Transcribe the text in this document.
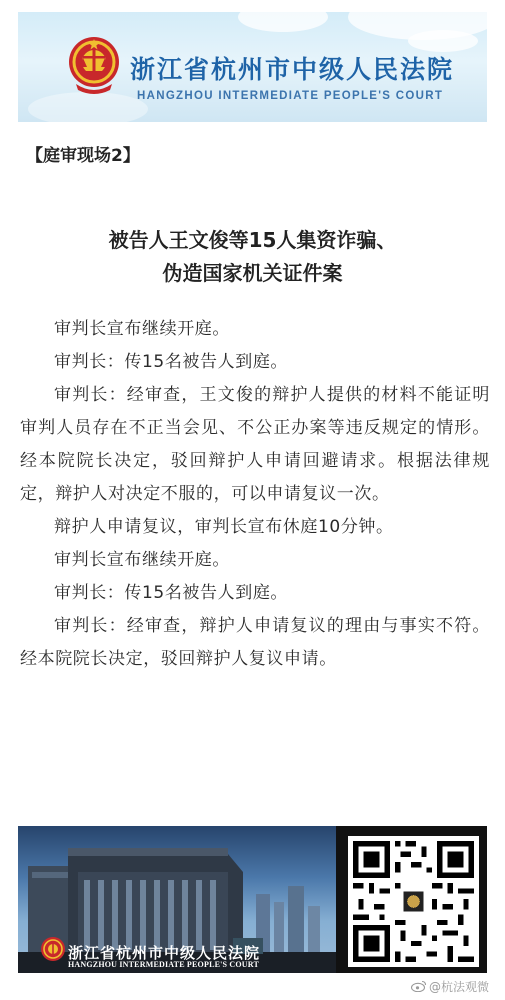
浙江省杭州市中级人民法院
HANGZHOU INTERMEDIATE PEOPLE'S COURT
【庭审现场2】
被告人王文俊等15人集资诈骗、
伪造国家机关证件案

审判长宣布继续开庭。

审判长：传15名被告人到庭。

审判长：经审查，王文俊的辩护人提供的材料不能证明审判人员存在不正当会见、不公正办案等违反规定的情形。经本院院长决定，驳回辩护人申请回避请求。根据法律规定，辩护人对决定不服的，可以申请复议一次。

辩护人申请复议，审判长宣布休庭10分钟。

审判长宣布继续开庭。

审判长：传15名被告人到庭。

审判长：经审查，辩护人申请复议的理由与事实不符。经本院院长决定，驳回辩护人复议申请。

浙江省杭州市中级人民法院
HANGZHOU INTERMEDIATE PEOPLE'S COURT
@杭法观微
